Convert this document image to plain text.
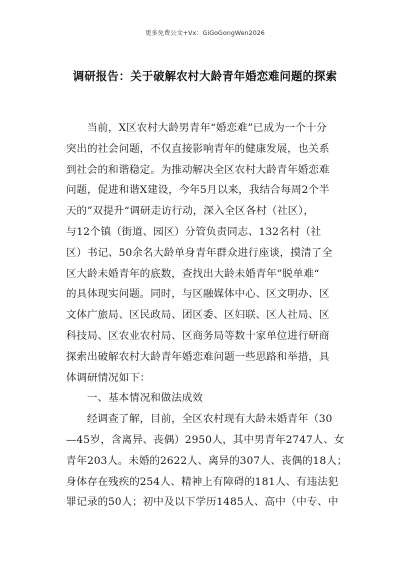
更多免费公文+Vx：GiGoGongWen2026
调研报告：关于破解农村大龄青年婚恋难问题的探索
当前，X区农村大龄男青年“婚恋难”已成为一个十分
突出的社会问题，不仅直接影响青年的健康发展，也关系
到社会的和谐稳定。为推动解决全区农村大龄青年婚恋难
问题，促进和谐X建设，今年5月以来，我结合每周2个半
天的”双提升“调研走访行动，深入全区各村（社区），
与12个镇（街道、园区）分管负责同志、132名村（社
区）书记、50余名大龄单身青年群众进行座谈，摸清了全
区大龄未婚青年的底数，查找出大龄未婚青年”脱单难“
的具体现实问题。同时，与区融媒体中心、区文明办、区
文体广旅局、区民政局、团区委、区妇联、区人社局、区
科技局、区农业农村局、区商务局等数十家单位进行研商
探索出破解农村大龄青年婚恋难问题一些思路和举措，具
体调研情况如下：
一、基本情况和做法成效
经调查了解，目前，全区农村现有大龄未婚青年（30
—45岁，含离异、丧偶）2950人，其中男青年2747人、女
青年203人。未婚的2622人、离异的307人、丧偶的18人；
身体存在残疾的254人、精神上有障碍的181人、有违法犯
罪记录的50人；初中及以下学历1485人、高中（中专、中
